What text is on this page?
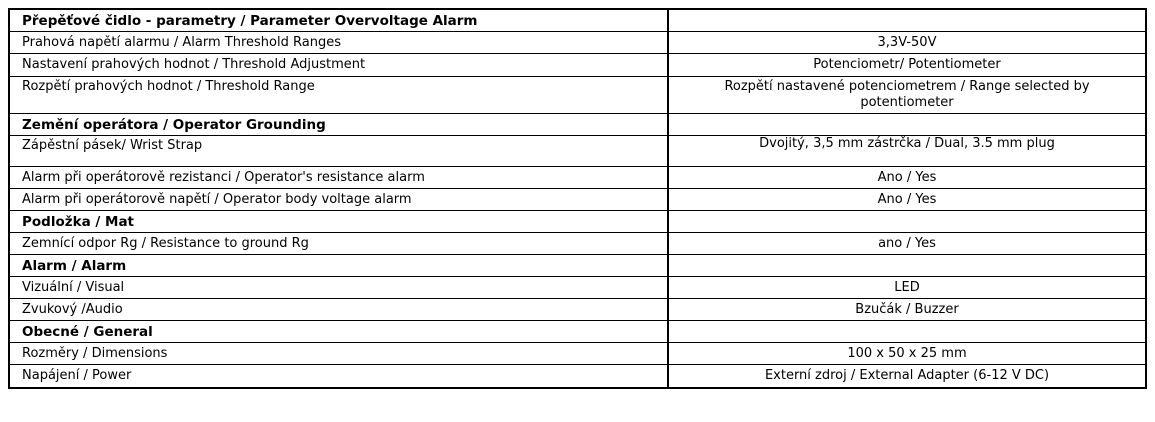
Přepěťové čidlo - parametry / Parameter Overvoltage Alarm	
Prahová napětí alarmu / Alarm Threshold Ranges	3,3V-50V
Nastavení prahových hodnot / Threshold Adjustment	Potenciometr/ Potentiometer
Rozpětí prahových hodnot / Threshold Range	Rozpětí nastavené potenciometrem / Range selected by potentiometer
Zemění operátora / Operator Grounding	
Zápěstní pásek/ Wrist Strap	Dvojitý, 3,5 mm zástrčka / Dual, 3.5 mm plug
Alarm při operátorově rezistanci / Operator's resistance alarm	Ano / Yes
Alarm při operátorově napětí / Operator body voltage alarm	Ano / Yes
Podložka / Mat	
Zemnící odpor Rg / Resistance to ground Rg	ano / Yes
Alarm / Alarm	
Vizuální / Visual	LED
Zvukový /Audio	Bzučák / Buzzer
Obecné / General	
Rozměry / Dimensions	100 x 50 x 25 mm
Napájení / Power	Externí zdroj / External Adapter (6-12 V DC)
